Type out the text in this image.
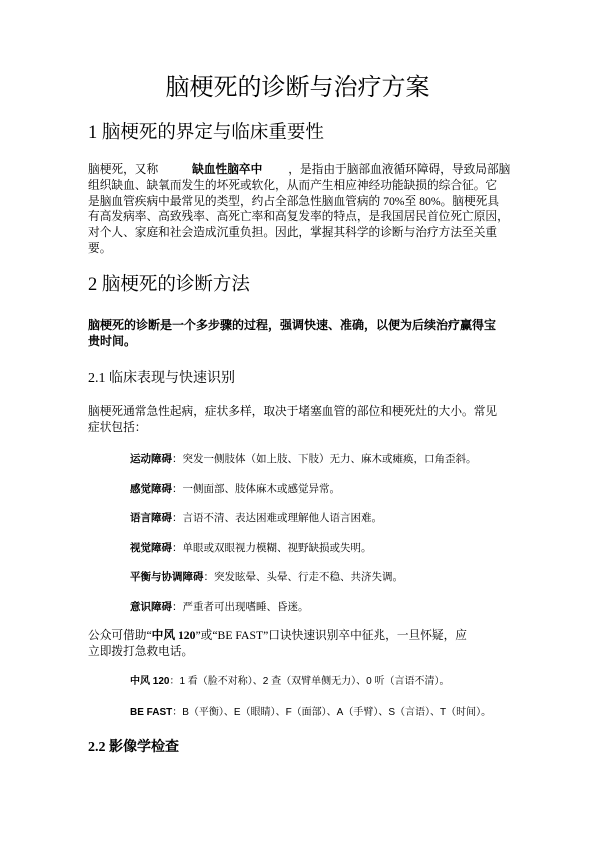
脑梗死的诊断与治疗方案
1 脑梗死的界定与临床重要性
脑梗死，又称	缺血性脑卒中 ，是指由于脑部血液循环障碍，导致局部脑
组织缺血、缺氧而发生的坏死或软化，从而产生相应神经功能缺损的综合征。它
是脑血管疾病中最常见的类型，约占全部急性脑血管病的 70%至 80%。脑梗死具
有高发病率、高致残率、高死亡率和高复发率的特点，是我国居民首位死亡原因，
对个人、家庭和社会造成沉重负担。因此，掌握其科学的诊断与治疗方法至关重
要。
2 脑梗死的诊断方法
脑梗死的诊断是一个多步骤的过程，强调快速、准确，以便为后续治疗赢得宝
贵时间。
2.1 临床表现与快速识别
脑梗死通常急性起病，症状多样，取决于堵塞血管的部位和梗死灶的大小。常见
症状包括：
运动障碍：突发一侧肢体（如上肢、下肢）无力、麻木或瘫痪，口角歪斜。
感觉障碍：一侧面部、肢体麻木或感觉异常。
语言障碍：言语不清、表达困难或理解他人语言困难。
视觉障碍：单眼或双眼视力模糊、视野缺损或失明。
平衡与协调障碍：突发眩晕、头晕、行走不稳、共济失调。
意识障碍：严重者可出现嗜睡、昏迷。
公众可借助“中风 120”或“BE FAST”口诀快速识别卒中征兆，一旦怀疑，应
立即拨打急救电话。
中风 120：1 看（脸不对称）、2 查（双臂单侧无力）、0 听（言语不清）。
BE FAST：B（平衡）、E（眼睛）、F（面部）、A（手臂）、S（言语）、T（时间）。
2.2 影像学检查
